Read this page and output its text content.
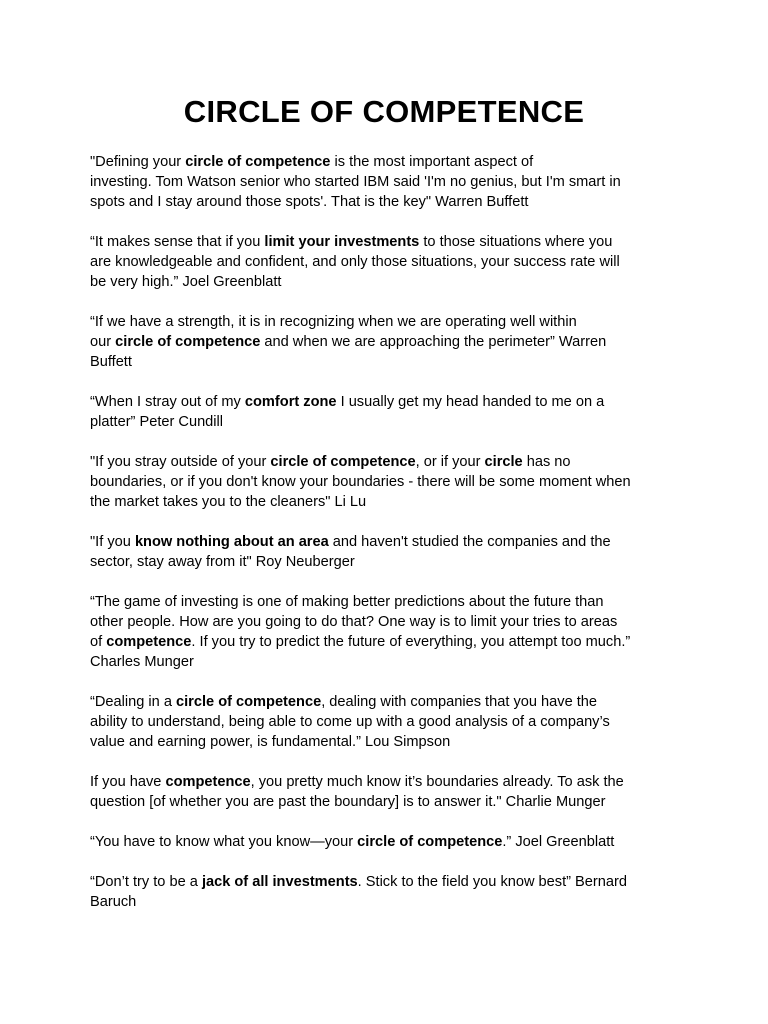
CIRCLE OF COMPETENCE

"Defining your circle of competence is the most important aspect of
investing. Tom Watson senior who started IBM said 'I'm no genius, but I'm smart in
spots and I stay around those spots'. That is the key" Warren Buffett

“It makes sense that if you limit your investments to those situations where you
are knowledgeable and confident, and only those situations, your success rate will
be very high.” Joel Greenblatt

“If we have a strength, it is in recognizing when we are operating well within
our circle of competence and when we are approaching the perimeter” Warren
Buffett

“When I stray out of my comfort zone I usually get my head handed to me on a
platter” Peter Cundill

"If you stray outside of your circle of competence, or if your circle has no
boundaries, or if you don't know your boundaries - there will be some moment when
the market takes you to the cleaners" Li Lu

"If you know nothing about an area and haven't studied the companies and the
sector, stay away from it" Roy Neuberger

“The game of investing is one of making better predictions about the future than
other people. How are you going to do that? One way is to limit your tries to areas
of competence. If you try to predict the future of everything, you attempt too much.”
Charles Munger

“Dealing in a circle of competence, dealing with companies that you have the
ability to understand, being able to come up with a good analysis of a company’s
value and earning power, is fundamental.” Lou Simpson

If you have competence, you pretty much know it’s boundaries already. To ask the
question [of whether you are past the boundary] is to answer it." Charlie Munger

“You have to know what you know—your circle of competence.” Joel Greenblatt

“Don’t try to be a jack of all investments. Stick to the field you know best” Bernard
Baruch
